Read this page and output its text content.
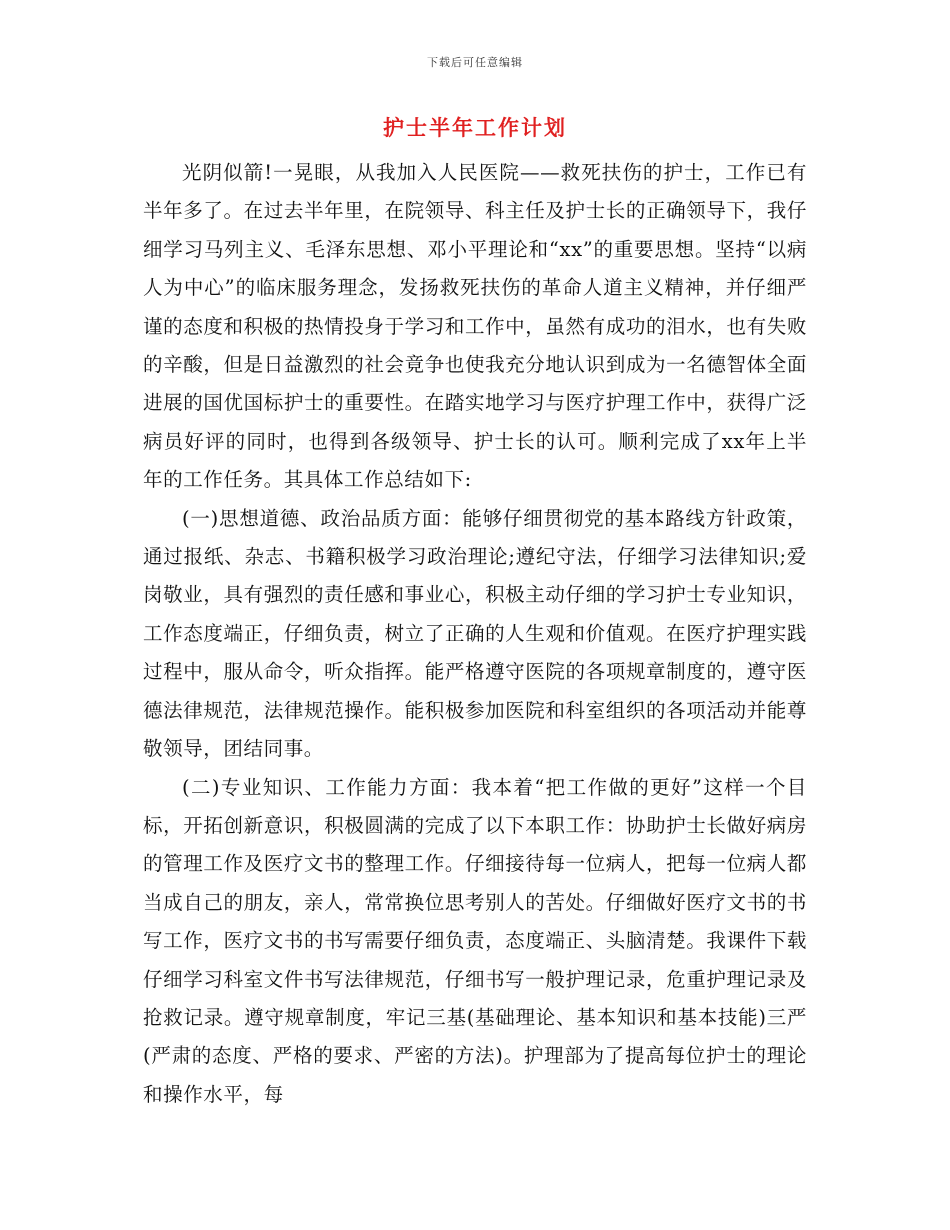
下载后可任意编辑
护士半年工作计划

光阴似箭!一晃眼，从我加入人民医院——救死扶伤的护士，工作已有半年多了。在过去半年里，在院领导、科主任及护士长的正确领导下，我仔细学习马列主义、毛泽东思想、邓小平理论和“xx”的重要思想。坚持“以病人为中心”的临床服务理念，发扬救死扶伤的革命人道主义精神，并仔细严谨的态度和积极的热情投身于学习和工作中，虽然有成功的泪水，也有失败的辛酸，但是日益激烈的社会竟争也使我充分地认识到成为一名德智体全面进展的国优国标护士的重要性。在踏实地学习与医疗护理工作中，获得广泛病员好评的同时，也得到各级领导、护士长的认可。顺利完成了xx年上半年的工作任务。其具体工作总结如下:

(一)思想道德、政治品质方面：能够仔细贯彻党的基本路线方针政策，通过报纸、杂志、书籍积极学习政治理论;遵纪守法，仔细学习法律知识;爱岗敬业，具有强烈的责任感和事业心，积极主动仔细的学习护士专业知识，工作态度端正，仔细负责，树立了正确的人生观和价值观。在医疗护理实践过程中，服从命令，听众指挥。能严格遵守医院的各项规章制度的，遵守医德法律规范，法律规范操作。能积极参加医院和科室组织的各项活动并能尊敬领导，团结同事。

(二)专业知识、工作能力方面：我本着“把工作做的更好”这样一个目标，开拓创新意识，积极圆满的完成了以下本职工作：协助护士长做好病房的管理工作及医疗文书的整理工作。仔细接待每一位病人，把每一位病人都当成自己的朋友，亲人，常常换位思考别人的苦处。仔细做好医疗文书的书写工作，医疗文书的书写需要仔细负责，态度端正、头脑清楚。我课件下载仔细学习科室文件书写法律规范，仔细书写一般护理记录，危重护理记录及抢救记录。遵守规章制度，牢记三基(基础理论、基本知识和基本技能)三严(严肃的态度、严格的要求、严密的方法)。护理部为了提高每位护士的理论和操作水平，每
